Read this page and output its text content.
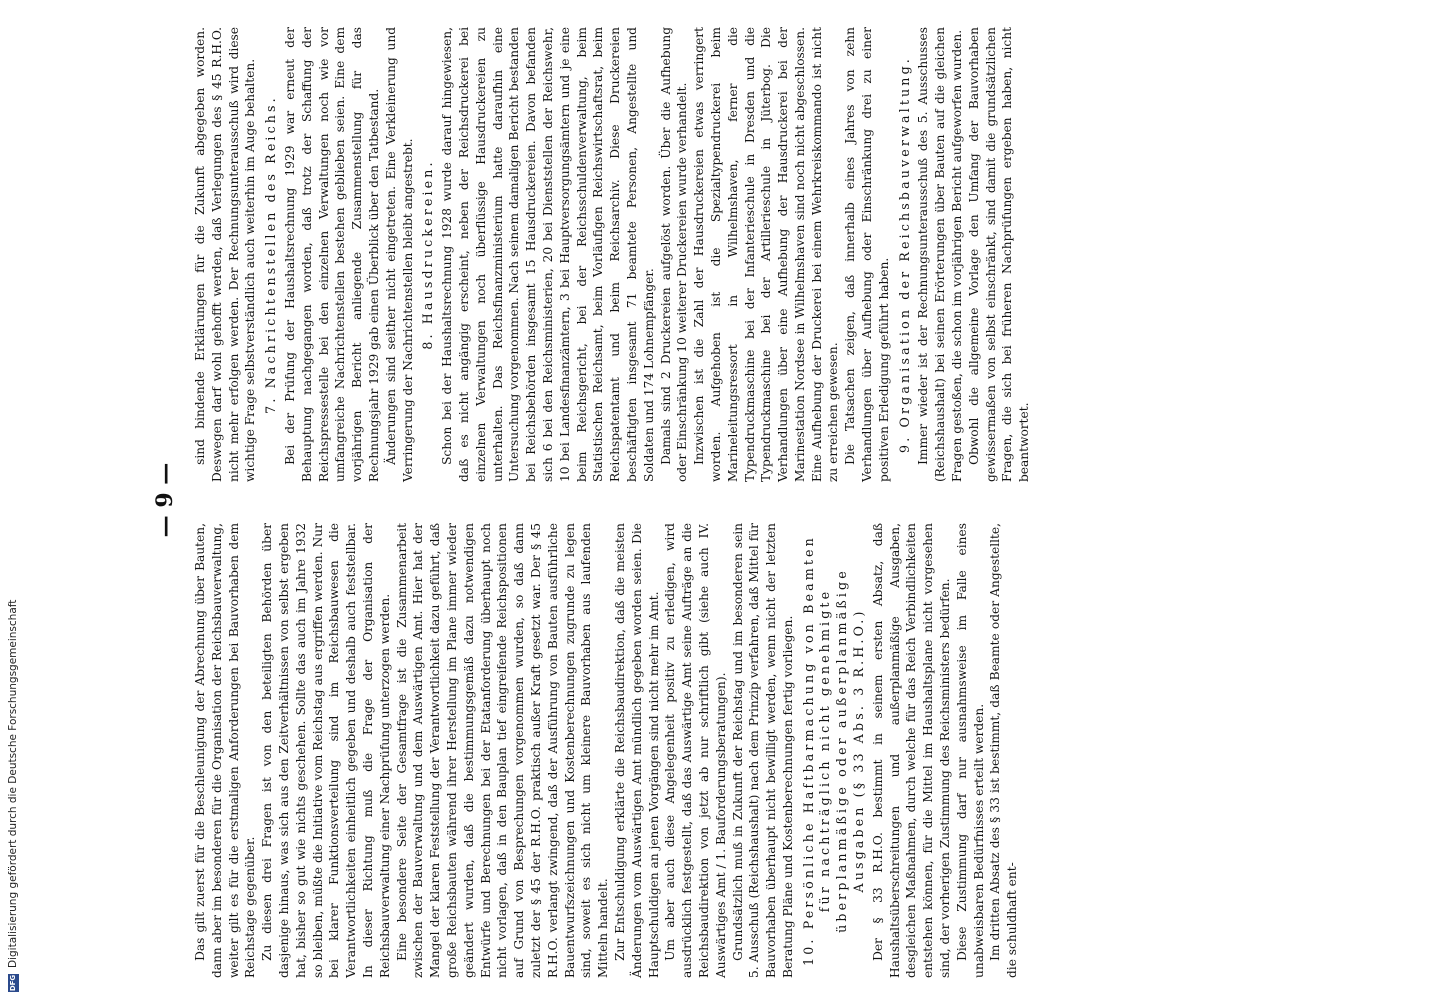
— 9 —

Das gilt zuerst für die Beschleunigung der Abrechnung über Bauten, dann aber im besonderen für die Organisation der Reichsbauverwaltung, weiter gilt es für die erstmaligen Anforderungen bei Bauvorhaben dem Reichstage gegenüber. Zu diesen drei Fragen ist von den beteiligten Behörden über dasjenige hinaus, was sich aus den Zeitverhältnissen von selbst ergeben hat, bisher so gut wie nichts geschehen. Sollte das auch im Jahre 1932 so bleiben, müßte die Initiative vom Reichstag aus ergriffen werden. Nur bei klarer Funktionsverteilung sind im Reichsbauwesen die Verantwortlichkeiten einheitlich gegeben und deshalb auch feststellbar. In dieser Richtung muß die Frage der Organisation der Reichsbauverwaltung einer Nachprüfung unterzogen werden. Eine besondere Seite der Gesamtfrage ist die Zusammenarbeit zwischen der Bauverwaltung und dem Auswärtigen Amt. Hier hat der Mangel der klaren Feststellung der Verantwortlichkeit dazu geführt, daß große Reichsbauten während ihrer Herstellung im Plane immer wieder geändert wurden, daß die bestimmungsgemäß dazu notwendigen Entwürfe und Berechnungen bei der Etatanforderung überhaupt noch nicht vorlagen, daß in den Bauplan tief eingreifende Reichspositionen auf Grund von Besprechungen vorgenommen wurden, so daß dann zuletzt der § 45 der R.H.O. praktisch außer Kraft gesetzt war. Der § 45 R.H.O. verlangt zwingend, daß der Ausführung von Bauten ausführliche Bauentwurfszeichnungen und Kostenberechnungen zugrunde zu legen sind, soweit es sich nicht um kleinere Bauvorhaben aus laufenden Mitteln handelt. Zur Entschuldigung erklärte die Reichsbaudirektion, daß die meisten Änderungen vom Auswärtigen Amt mündlich gegeben worden seien. Die Hauptschuldigen an jenen Vorgängen sind nicht mehr im Amt. Um aber auch diese Angelegenheit positiv zu erledigen, wird ausdrücklich festgestellt, daß das Auswärtige Amt seine Aufträge an die Reichsbaudirektion von jetzt ab nur schriftlich gibt (siehe auch IV. Auswärtiges Amt / 1. Bauforderungsberatungen). Grundsätzlich muß in Zukunft der Reichstag und im besonderen sein 5. Ausschuß (Reichshaushalt) nach dem Prinzip verfahren, daß Mittel für Bauvorhaben überhaupt nicht bewilligt werden, wenn nicht der letzten Beratung Pläne und Kostenberechnungen fertig vorliegen. 10. Persönliche Haftbarmachung von Beamten für nachträglich nicht genehmigte überplanmäßige oder außerplanmäßige Ausgaben (§ 33 Abs. 3 R.H.O.) Der § 33 R.H.O. bestimmt in seinem ersten Absatz, daß Haushaltsüberschreitungen und außerplanmäßige Ausgaben, desgleichen Maßnahmen, durch welche für das Reich Verbindlichkeiten entstehen können, für die Mittel im Haushaltsplane nicht vorgesehen sind, der vorherigen Zustimmung des Reichsministers bedürfen. Diese Zustimmung darf nur ausnahmsweise im Falle eines unabweisbaren Bedürfnisses erteilt werden. Im dritten Absatz des § 33 ist bestimmt, daß Beamte oder Angestellte, die schuldhaft ent-

sind bindende Erklärungen für die Zukunft abgegeben worden. Deswegen darf wohl gehofft werden, daß Verlegungen des § 45 R.H.O. nicht mehr erfolgen werden. Der Rechnungsunterausschuß wird diese wichtige Frage selbstverständlich auch weiterhin im Auge behalten. 7. Nachrichtenstellen des Reichs. Bei der Prüfung der Haushaltsrechnung 1929 war erneut der Behauptung nachgegangen worden, daß trotz der Schaffung der Reichspressestelle bei den einzelnen Verwaltungen noch wie vor umfangreiche Nachrichtenstellen bestehen geblieben seien. Eine dem vorjährigen Bericht anliegende Zusammenstellung für das Rechnungsjahr 1929 gab einen Überblick über den Tatbestand. Änderungen sind seither nicht eingetreten. Eine Verkleinerung und Verringerung der Nachrichtenstellen bleibt angestrebt. 8. Hausdruckereien. Schon bei der Haushaltsrechnung 1928 wurde darauf hingewiesen, daß es nicht angängig erscheint, neben der Reichsdruckerei bei einzelnen Verwaltungen noch überflüssige Hausdruckereien zu unterhalten. Das Reichsfinanzministerium hatte daraufhin eine Untersuchung vorgenommen. Nach seinem damaligen Bericht bestanden bei Reichsbehörden insgesamt 15 Hausdruckereien. Davon befanden sich 6 bei den Reichsministerien, 20 bei Dienststellen der Reichswehr, 10 bei Landesfinanzämtern, 3 bei Hauptversorgungsämtern und je eine beim Reichsgericht, bei der Reichsschuldenverwaltung, beim Statistischen Reichsamt, beim Vorläufigen Reichswirtschaftsrat, beim Reichspatentamt und beim Reichsarchiv. Diese Druckereien beschäftigten insgesamt 71 beamtete Personen, Angestellte und Soldaten und 174 Lohnempfänger. Damals sind 2 Druckereien aufgelöst worden. Über die Aufhebung oder Einschränkung 10 weiterer Druckereien wurde verhandelt. Inzwischen ist die Zahl der Hausdruckereien etwas verringert worden. Aufgehoben ist die Spezialtypendruckerei beim Marineleitungsressort in Wilhelmshaven, ferner die Typendruckmaschine bei der Infanterieschule in Dresden und die Typendruckmaschine bei der Artillerieschule in Jüterbog. Die Verhandlungen über eine Aufhebung der Hausdruckerei bei der Marinestation Nordsee in Wilhelmshaven sind noch nicht abgeschlossen. Eine Aufhebung der Druckerei bei einem Wehrkreiskommando ist nicht zu erreichen gewesen. Die Tatsachen zeigen, daß innerhalb eines Jahres von zehn Verhandlungen über Aufhebung oder Einschränkung drei zu einer positiven Erledigung geführt haben. 9. Organisation der Reichsbauverwaltung. Immer wieder ist der Rechnungsunterausschuß des 5. Ausschusses (Reichshaushalt) bei seinen Erörterungen über Bauten auf die gleichen Fragen gestoßen, die schon im vorjährigen Bericht aufgeworfen wurden. Obwohl die allgemeine Vorlage den Umfang der Bauvorhaben gewissermaßen von selbst einschränkt, sind damit die grundsätzlichen Fragen, die sich bei früheren Nachprüfungen ergeben haben, nicht beantwortet.

DFG
Digitalisierung gefördert durch die Deutsche Forschungsgemeinschaft
